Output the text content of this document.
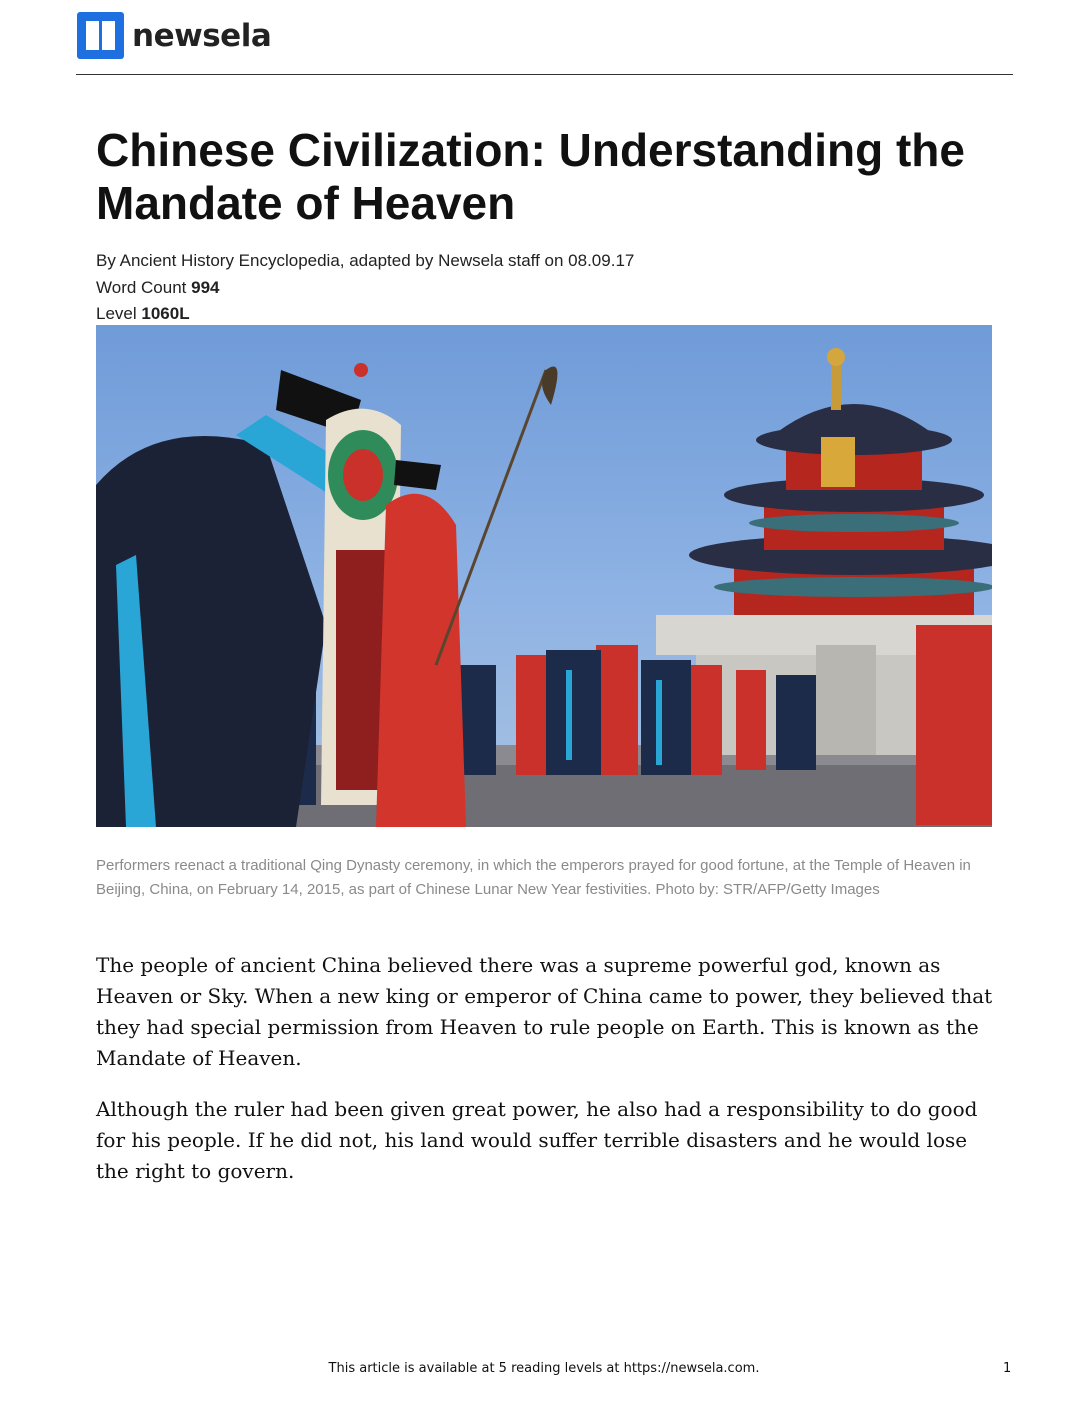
newsela
Chinese Civilization: Understanding the Mandate of Heaven
By Ancient History Encyclopedia, adapted by Newsela staff on 08.09.17
Word Count 994
Level 1060L
Performers reenact a traditional Qing Dynasty ceremony, in which the emperors prayed for good fortune, at the Temple of Heaven in Beijing, China, on February 14, 2015, as part of Chinese Lunar New Year festivities. Photo by: STR/AFP/Getty Images

The people of ancient China believed there was a supreme powerful god, known as Heaven or Sky. When a new king or emperor of China came to power, they believed that they had special permission from Heaven to rule people on Earth. This is known as the Mandate of Heaven.

Although the ruler had been given great power, he also had a responsibility to do good for his people. If he did not, his land would suffer terrible disasters and he would lose the right to govern.

This article is available at 5 reading levels at https://newsela.com.	1
